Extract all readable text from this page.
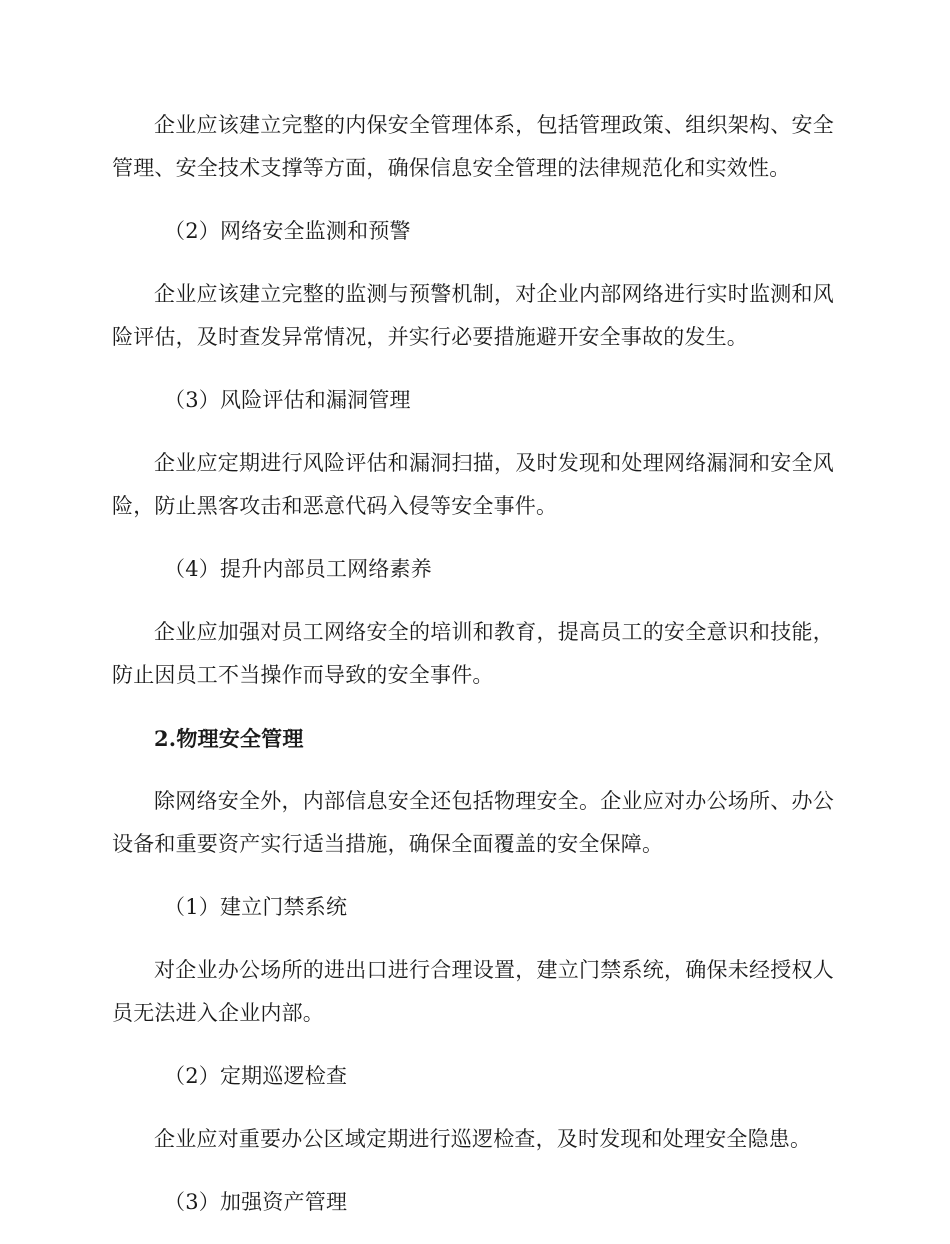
企业应该建立完整的内保安全管理体系，包括管理政策、组织架构、安全管理、安全技术支撑等方面，确保信息安全管理的法律规范化和实效性。

（2）网络安全监测和预警

企业应该建立完整的监测与预警机制，对企业内部网络进行实时监测和风险评估，及时查发异常情况，并实行必要措施避开安全事故的发生。

（3）风险评估和漏洞管理

企业应定期进行风险评估和漏洞扫描，及时发现和处理网络漏洞和安全风险，防止黑客攻击和恶意代码入侵等安全事件。

（4）提升内部员工网络素养

企业应加强对员工网络安全的培训和教育，提高员工的安全意识和技能，防止因员工不当操作而导致的安全事件。

2.物理安全管理

除网络安全外，内部信息安全还包括物理安全。企业应对办公场所、办公设备和重要资产实行适当措施，确保全面覆盖的安全保障。

（1）建立门禁系统

对企业办公场所的进出口进行合理设置，建立门禁系统，确保未经授权人员无法进入企业内部。

（2）定期巡逻检查

企业应对重要办公区域定期进行巡逻检查，及时发现和处理安全隐患。

（3）加强资产管理
